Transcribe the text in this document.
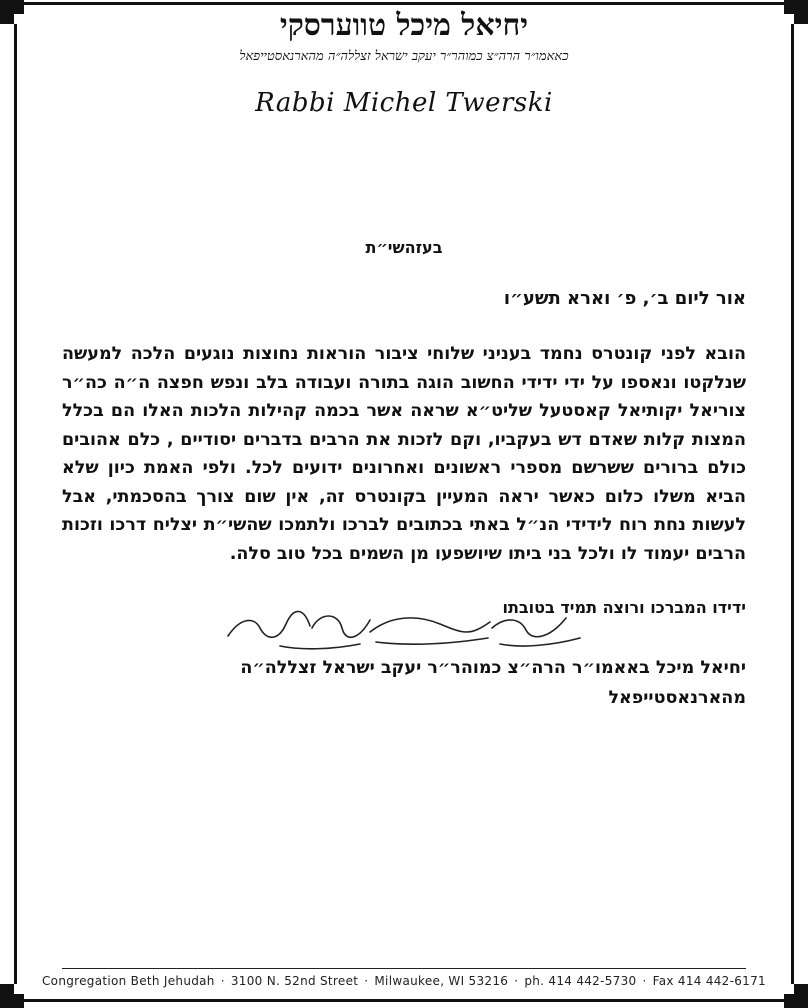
יחיאל מיכל טווערסקי
כאאמו״ר הרה״צ כמוהר״ר יעקב ישראל זצללה״ה מהארנאסטייפאל
Rabbi Michel Twerski
בעזהשי״ת
אור ליום ב׳, פ׳ וארא תשע״ו
הובא לפני קונטרס נחמד בעניני שלוחי ציבור הוראות נחוצות נוגעים הלכה למעשה שנלקטו ונאספו על ידי ידידי החשוב הוגה בתורה ועבודה בלב ונפש חפצה ה״ה כה״ר צוריאל יקותיאל קאסטעל שליט״א שראה אשר בכמה קהילות הלכות האלו הם בכלל המצות קלות שאדם דש בעקביו, וקם לזכות את הרבים בדברים יסודיים , כלם אהובים כולם ברורים ששרשם מספרי ראשונים ואחרונים ידועים לכל. ולפי האמת כיון שלא הביא משלו כלום כאשר יראה המעיין בקונטרס זה, אין שום צורך בהסכמתי, אבל לעשות נחת רוח לידידי הנ״ל באתי בכתובים לברכו ולתמכו שהשי״ת יצליח דרכו וזכות הרבים יעמוד לו ולכל בני ביתו שיושפעו מן השמים בכל טוב סלה.
ידידו המברכו ורוצה תמיד בטובתו
יחיאל מיכל באאמו״ר הרה״צ כמוהר״ר יעקב ישראל זצללה״ה
מהארנאסטייפאל
Congregation Beth Jehudah · 3100 N. 52nd Street · Milwaukee, WI 53216 · ph. 414 442-5730 · Fax 414 442-6171
